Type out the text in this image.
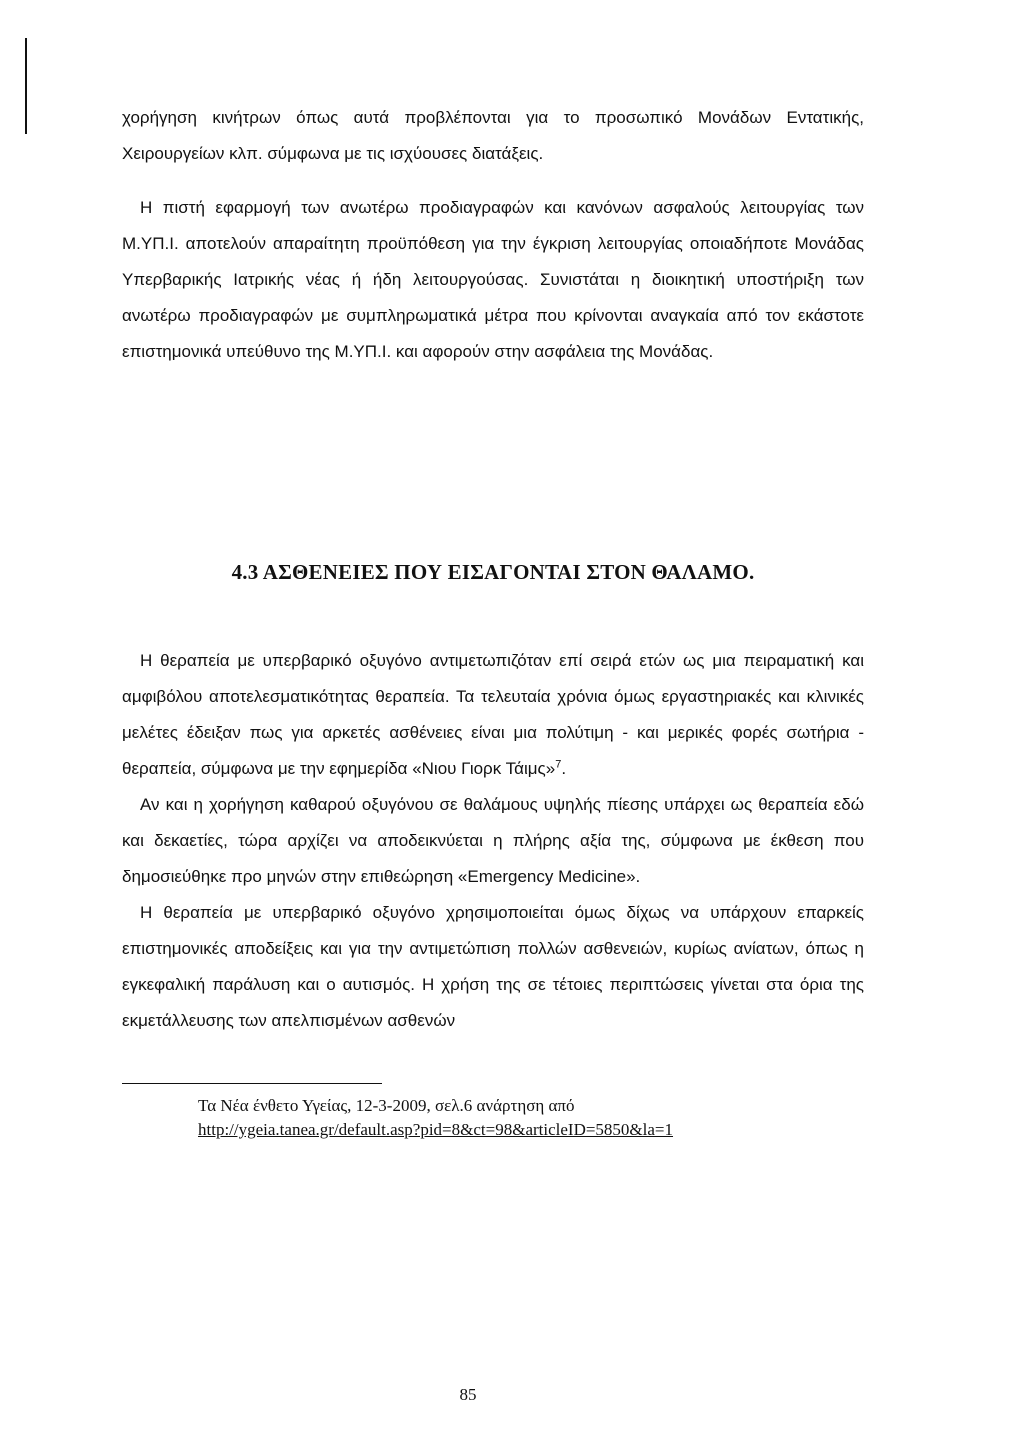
χορήγηση κινήτρων όπως αυτά προβλέπονται για το προσωπικό Μονάδων Εντατικής, Χειρουργείων κλπ. σύμφωνα με τις ισχύουσες διατάξεις.

Η πιστή εφαρμογή των ανωτέρω προδιαγραφών και κανόνων ασφαλούς λειτουργίας των Μ.ΥΠ.Ι. αποτελούν απαραίτητη προϋπόθεση για την έγκριση λειτουργίας οποιαδήποτε Μονάδας Υπερβαρικής Ιατρικής νέας ή ήδη λειτουργούσας. Συνιστάται η διοικητική υποστήριξη των ανωτέρω προδιαγραφών με συμπληρωματικά μέτρα που κρίνονται αναγκαία από τον εκάστοτε επιστημονικά υπεύθυνο της Μ.ΥΠ.Ι. και αφορούν στην ασφάλεια της Μονάδας.

4.3 ΑΣΘΕΝΕΙΕΣ ΠΟΥ ΕΙΣΑΓΟΝΤΑΙ ΣΤΟΝ ΘΑΛΑΜΟ.

Η θεραπεία με υπερβαρικό οξυγόνο αντιμετωπιζόταν επί σειρά ετών ως μια πειραματική και αμφιβόλου αποτελεσματικότητας θεραπεία. Τα τελευταία χρόνια όμως εργαστηριακές και κλινικές μελέτες έδειξαν πως για αρκετές ασθένειες είναι μια πολύτιμη - και μερικές φορές σωτήρια - θεραπεία, σύμφωνα με την εφημερίδα «Νιου Γιορκ Τάιμς»$^7$.

Αν και η χορήγηση καθαρού οξυγόνου σε θαλάμους υψηλής πίεσης υπάρχει ως θεραπεία εδώ και δεκαετίες, τώρα αρχίζει να αποδεικνύεται η πλήρης αξία της, σύμφωνα με έκθεση που δημοσιεύθηκε προ μηνών στην επιθεώρηση «Emergency Medicine».

Η θεραπεία με υπερβαρικό οξυγόνο χρησιμοποιείται όμως δίχως να υπάρχουν επαρκείς επιστημονικές αποδείξεις και για την αντιμετώπιση πολλών ασθενειών, κυρίως ανίατων, όπως η εγκεφαλική παράλυση και ο αυτισμός. Η χρήση της σε τέτοιες περιπτώσεις γίνεται στα όρια της εκμετάλλευσης των απελπισμένων ασθενών

Τα Νέα ένθετο Υγείας, 12-3-2009, σελ.6 ανάρτηση από
http://ygeia.tanea.gr/default.asp?pid=8&ct=98&articleID=5850&la=1
85
